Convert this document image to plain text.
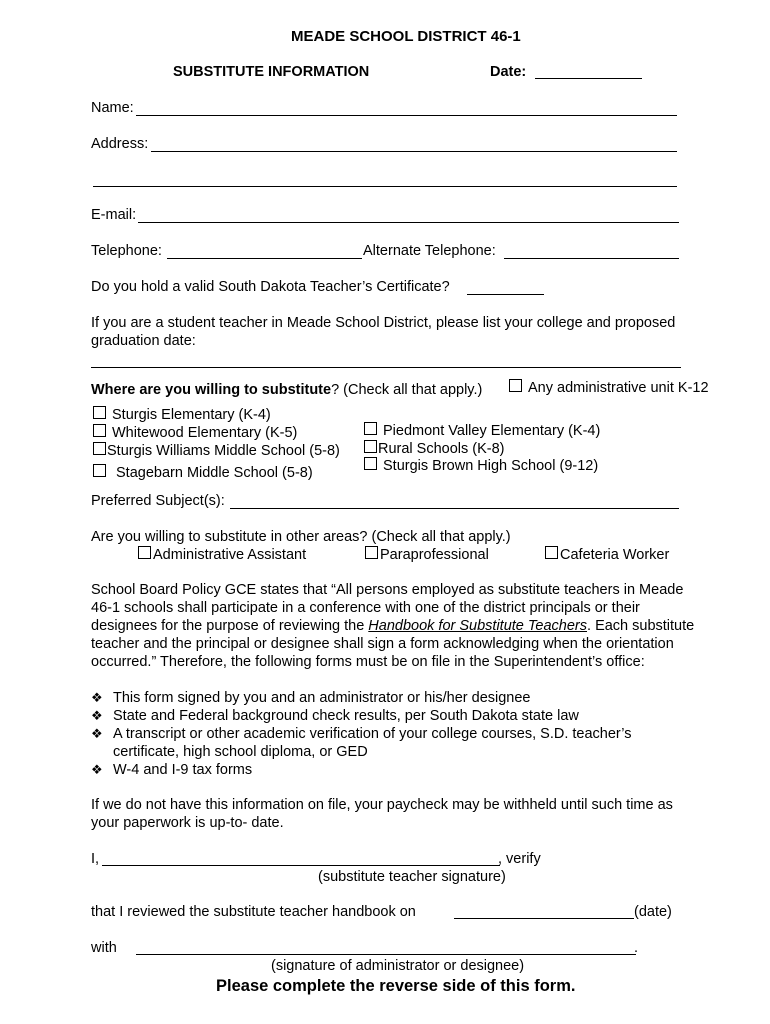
MEADE SCHOOL DISTRICT 46-1
SUBSTITUTE INFORMATION	Date:
Name:
Address:
E-mail:
Telephone:	Alternate Telephone:
Do you hold a valid South Dakota Teacher’s Certificate?
If you are a student teacher in Meade School District, please list your college and proposed
graduation date:
Where are you willing to substitute? (Check all that apply.)	Any administrative unit K-12
Sturgis Elementary (K-4)
Whitewood Elementary (K-5)
Sturgis Williams Middle School (5-8)
Stagebarn Middle School (5-8)
Piedmont Valley Elementary (K-4)
Rural Schools (K-8)
Sturgis Brown High School (9-12)
Preferred Subject(s):
Are you willing to substitute in other areas? (Check all that apply.)
Administrative Assistant	Paraprofessional	Cafeteria Worker
School Board Policy GCE states that “All persons employed as substitute teachers in Meade
46-1 schools shall participate in a conference with one of the district principals or their
designees for the purpose of reviewing the Handbook for Substitute Teachers. Each substitute
teacher and the principal or designee shall sign a form acknowledging when the orientation
occurred.” Therefore, the following forms must be on file in the Superintendent’s office:
❖ This form signed by you and an administrator or his/her designee
❖ State and Federal background check results, per South Dakota state law
❖ A transcript or other academic verification of your college courses, S.D. teacher’s
certificate, high school diploma, or GED
❖ W-4 and I-9 tax forms
If we do not have this information on file, your paycheck may be withheld until such time as
your paperwork is up-to- date.
I,	, verify
(substitute teacher signature)
that I reviewed the substitute teacher handbook on	(date)
with	.
(signature of administrator or designee)
Please complete the reverse side of this form.
